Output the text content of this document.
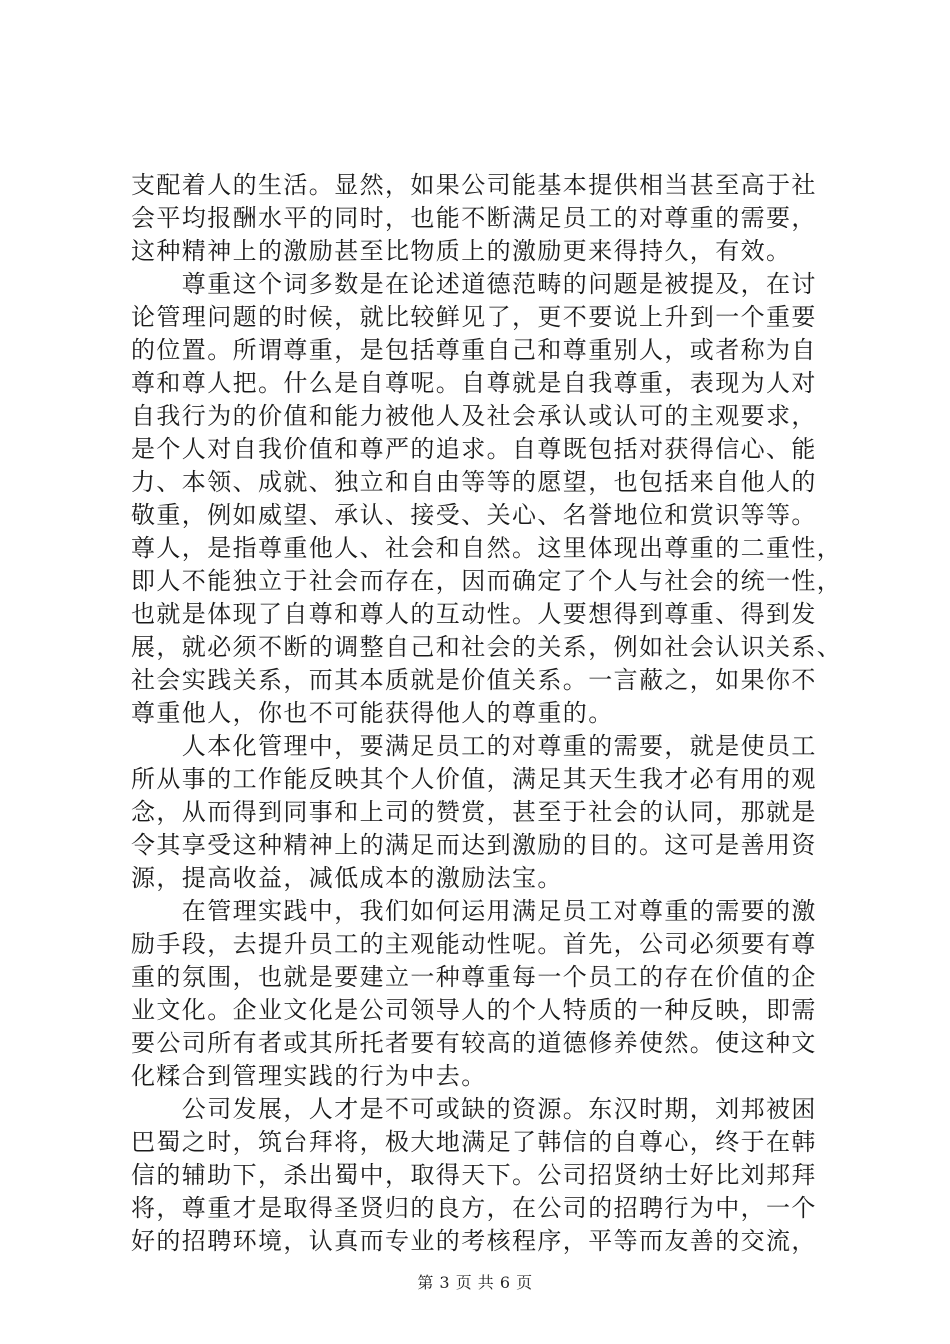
支配着人的生活。显然，如果公司能基本提供相当甚至高于社
会平均报酬水平的同时，也能不断满足员工的对尊重的需要，
这种精神上的激励甚至比物质上的激励更来得持久，有效。
　　尊重这个词多数是在论述道德范畴的问题是被提及，在讨
论管理问题的时候，就比较鲜见了，更不要说上升到一个重要
的位置。所谓尊重，是包括尊重自己和尊重别人，或者称为自
尊和尊人把。什么是自尊呢。自尊就是自我尊重，表现为人对
自我行为的价值和能力被他人及社会承认或认可的主观要求，
是个人对自我价值和尊严的追求。自尊既包括对获得信心、能
力、本领、成就、独立和自由等等的愿望，也包括来自他人的
敬重，例如威望、承认、接受、关心、名誉地位和赏识等等。
尊人，是指尊重他人、社会和自然。这里体现出尊重的二重性，
即人不能独立于社会而存在，因而确定了个人与社会的统一性，
也就是体现了自尊和尊人的互动性。人要想得到尊重、得到发
展，就必须不断的调整自己和社会的关系，例如社会认识关系、
社会实践关系，而其本质就是价值关系。一言蔽之，如果你不
尊重他人，你也不可能获得他人的尊重的。
　　人本化管理中，要满足员工的对尊重的需要，就是使员工
所从事的工作能反映其个人价值，满足其天生我才必有用的观
念，从而得到同事和上司的赞赏，甚至于社会的认同，那就是
令其享受这种精神上的满足而达到激励的目的。这可是善用资
源，提高收益，减低成本的激励法宝。
　　在管理实践中，我们如何运用满足员工对尊重的需要的激
励手段，去提升员工的主观能动性呢。首先，公司必须要有尊
重的氛围，也就是要建立一种尊重每一个员工的存在价值的企
业文化。企业文化是公司领导人的个人特质的一种反映，即需
要公司所有者或其所托者要有较高的道德修养使然。使这种文
化糅合到管理实践的行为中去。
　　公司发展，人才是不可或缺的资源。东汉时期，刘邦被困
巴蜀之时，筑台拜将，极大地满足了韩信的自尊心，终于在韩
信的辅助下，杀出蜀中，取得天下。公司招贤纳士好比刘邦拜
将，尊重才是取得圣贤归的良方，在公司的招聘行为中，一个
好的招聘环境，认真而专业的考核程序，平等而友善的交流，
第 3 页 共 6 页
